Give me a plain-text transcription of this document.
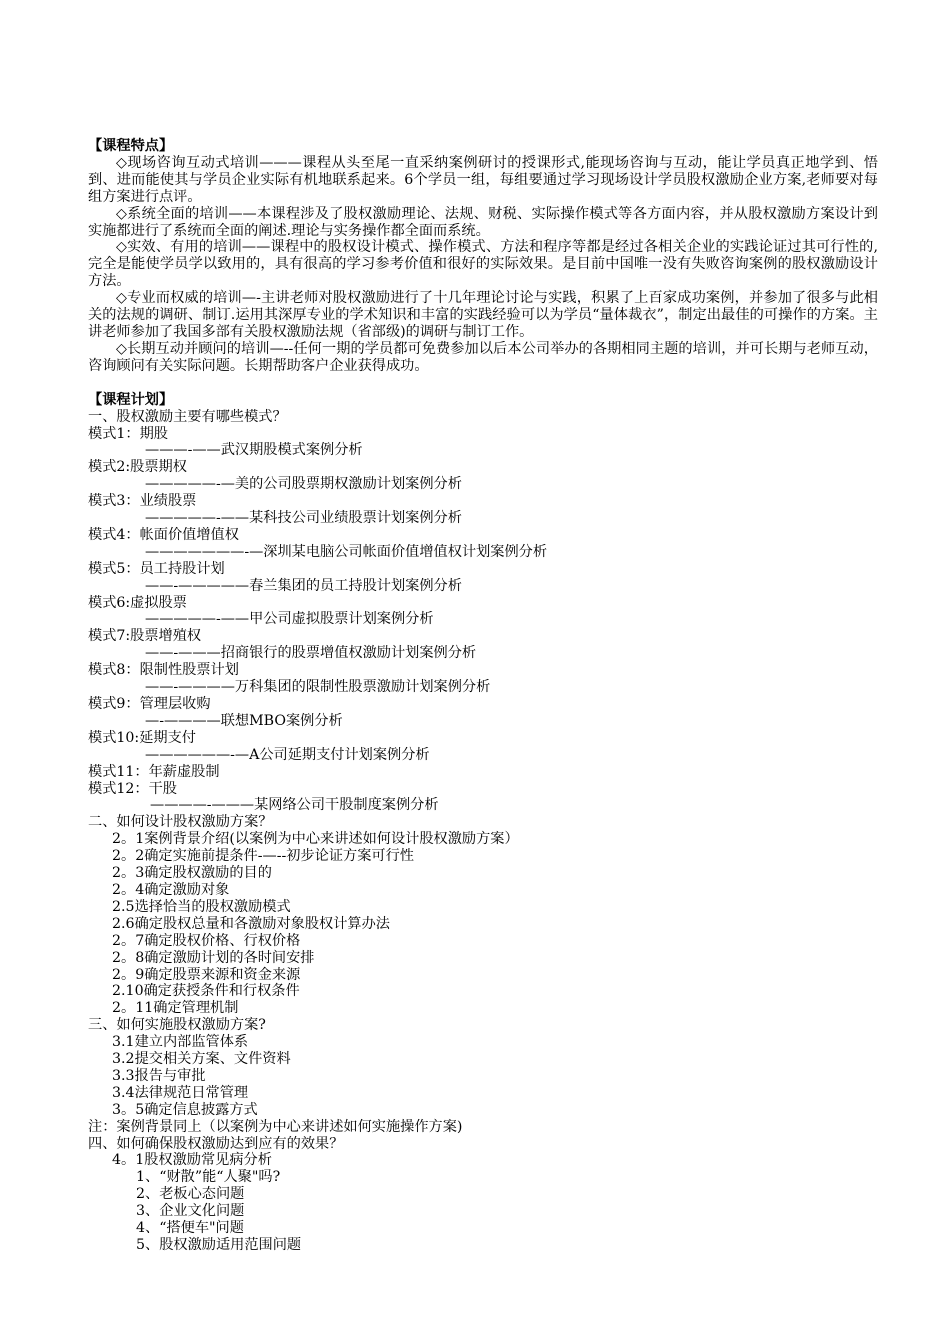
【课程特点】

◇现场咨询互动式培训———课程从头至尾一直采纳案例研讨的授课形式,能现场咨询与互动，能让学员真正地学到、悟到、进而能使其与学员企业实际有机地联系起来。6个学员一组，每组要通过学习现场设计学员股权激励企业方案,老师要对每组方案进行点评。

◇系统全面的培训——本课程涉及了股权激励理论、法规、财税、实际操作模式等各方面内容，并从股权激励方案设计到实施都进行了系统而全面的阐述.理论与实务操作都全面而系统。

◇实效、有用的培训——课程中的股权设计模式、操作模式、方法和程序等都是经过各相关企业的实践论证过其可行性的,完全是能使学员学以致用的，具有很高的学习参考价值和很好的实际效果。是目前中国唯一没有失败咨询案例的股权激励设计方法。

◇专业而权威的培训—-主讲老师对股权激励进行了十几年理论讨论与实践，积累了上百家成功案例，并参加了很多与此相关的法规的调研、制订.运用其深厚专业的学术知识和丰富的实践经验可以为学员“量体裁衣”，制定出最佳的可操作的方案。主讲老师参加了我国多部有关股权激励法规（省部级)的调研与制订工作。

◇长期互动并顾问的培训—--任何一期的学员都可免费参加以后本公司举办的各期相同主题的培训，并可长期与老师互动，咨询顾问有关实际问题。长期帮助客户企业获得成功。

【课程计划】
一、股权激励主要有哪些模式？
模式1：期股
———-——武汉期股模式案例分析
模式2:股票期权
—————-—美的公司股票期权激励计划案例分析
模式3：业绩股票
—————-——某科技公司业绩股票计划案例分析
模式4：帐面价值增值权
———————-—深圳某电脑公司帐面价值增值权计划案例分析
模式5：员工持股计划
——-—————春兰集团的员工持股计划案例分析
模式6:虚拟股票
—————-——甲公司虚拟股票计划案例分析
模式7:股票增殖权
——-———招商银行的股票增值权激励计划案例分析
模式8：限制性股票计划
——-————万科集团的限制性股票激励计划案例分析
模式9：管理层收购
—-————联想MBO案例分析
模式10:延期支付
——————-—A公司延期支付计划案例分析
模式11：年薪虚股制
模式12：干股
————-———某网络公司干股制度案例分析
二、如何设计股权激励方案？
2。1案例背景介绍(以案例为中心来讲述如何设计股权激励方案）
2。2确定实施前提条件-—--初步论证方案可行性
2。3确定股权激励的目的
2。4确定激励对象
2.5选择恰当的股权激励模式
2.6确定股权总量和各激励对象股权计算办法
2。7确定股权价格、行权价格
2。8确定激励计划的各时间安排
2。9确定股票来源和资金来源
2.10确定获授条件和行权条件
2。11确定管理机制
三、如何实施股权激励方案?
3.1建立内部监管体系
3.2提交相关方案、文件资料
3.3报告与审批
3.4法律规范日常管理
3。5确定信息披露方式
注：案例背景同上（以案例为中心来讲述如何实施操作方案)
四、如何确保股权激励达到应有的效果？
4。1股权激励常见病分析
1、“财散”能“人聚"吗?
2、老板心态问题
3、企业文化问题
4、“搭便车"问题
5、股权激励适用范围问题
